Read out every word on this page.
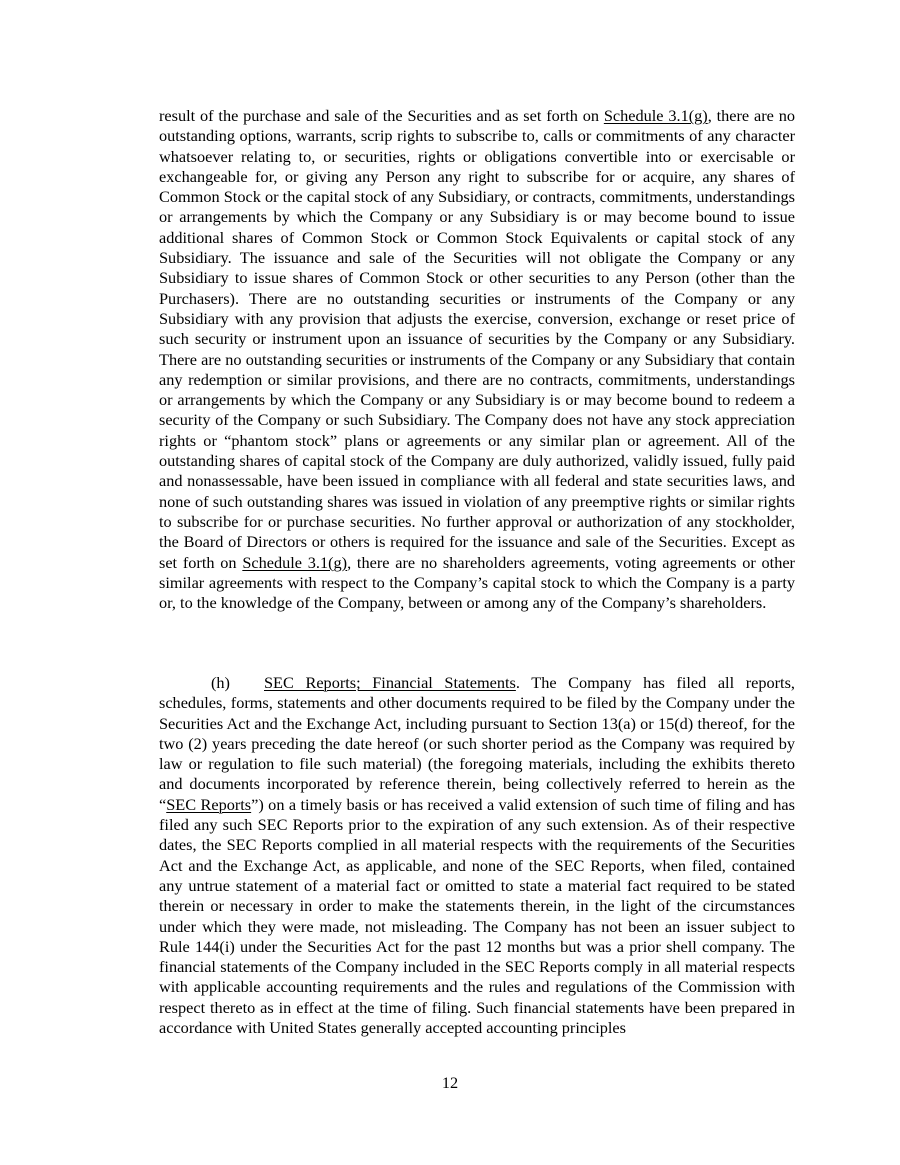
result of the purchase and sale of the Securities and as set forth on Schedule 3.1(g), there are no outstanding options, warrants, scrip rights to subscribe to, calls or commitments of any character whatsoever relating to, or securities, rights or obligations convertible into or exercisable or exchangeable for, or giving any Person any right to subscribe for or acquire, any shares of Common Stock or the capital stock of any Subsidiary, or contracts, commitments, understandings or arrangements by which the Company or any Subsidiary is or may become bound to issue additional shares of Common Stock or Common Stock Equivalents or capital stock of any Subsidiary. The issuance and sale of the Securities will not obligate the Company or any Subsidiary to issue shares of Common Stock or other securities to any Person (other than the Purchasers). There are no outstanding securities or instruments of the Company or any Subsidiary with any provision that adjusts the exercise, conversion, exchange or reset price of such security or instrument upon an issuance of securities by the Company or any Subsidiary. There are no outstanding securities or instruments of the Company or any Subsidiary that contain any redemption or similar provisions, and there are no contracts, commitments, understandings or arrangements by which the Company or any Subsidiary is or may become bound to redeem a security of the Company or such Subsidiary. The Company does not have any stock appreciation rights or “phantom stock” plans or agreements or any similar plan or agreement. All of the outstanding shares of capital stock of the Company are duly authorized, validly issued, fully paid and nonassessable, have been issued in compliance with all federal and state securities laws, and none of such outstanding shares was issued in violation of any preemptive rights or similar rights to subscribe for or purchase securities. No further approval or authorization of any stockholder, the Board of Directors or others is required for the issuance and sale of the Securities. Except as set forth on Schedule 3.1(g), there are no shareholders agreements, voting agreements or other similar agreements with respect to the Company’s capital stock to which the Company is a party or, to the knowledge of the Company, between or among any of the Company’s shareholders.

(h) SEC Reports; Financial Statements. The Company has filed all reports, schedules, forms, statements and other documents required to be filed by the Company under the Securities Act and the Exchange Act, including pursuant to Section 13(a) or 15(d) thereof, for the two (2) years preceding the date hereof (or such shorter period as the Company was required by law or regulation to file such material) (the foregoing materials, including the exhibits thereto and documents incorporated by reference therein, being collectively referred to herein as the “SEC Reports”) on a timely basis or has received a valid extension of such time of filing and has filed any such SEC Reports prior to the expiration of any such extension. As of their respective dates, the SEC Reports complied in all material respects with the requirements of the Securities Act and the Exchange Act, as applicable, and none of the SEC Reports, when filed, contained any untrue statement of a material fact or omitted to state a material fact required to be stated therein or necessary in order to make the statements therein, in the light of the circumstances under which they were made, not misleading. The Company has not been an issuer subject to Rule 144(i) under the Securities Act for the past 12 months but was a prior shell company. The financial statements of the Company included in the SEC Reports comply in all material respects with applicable accounting requirements and the rules and regulations of the Commission with respect thereto as in effect at the time of filing. Such financial statements have been prepared in accordance with United States generally accepted accounting principles

12
